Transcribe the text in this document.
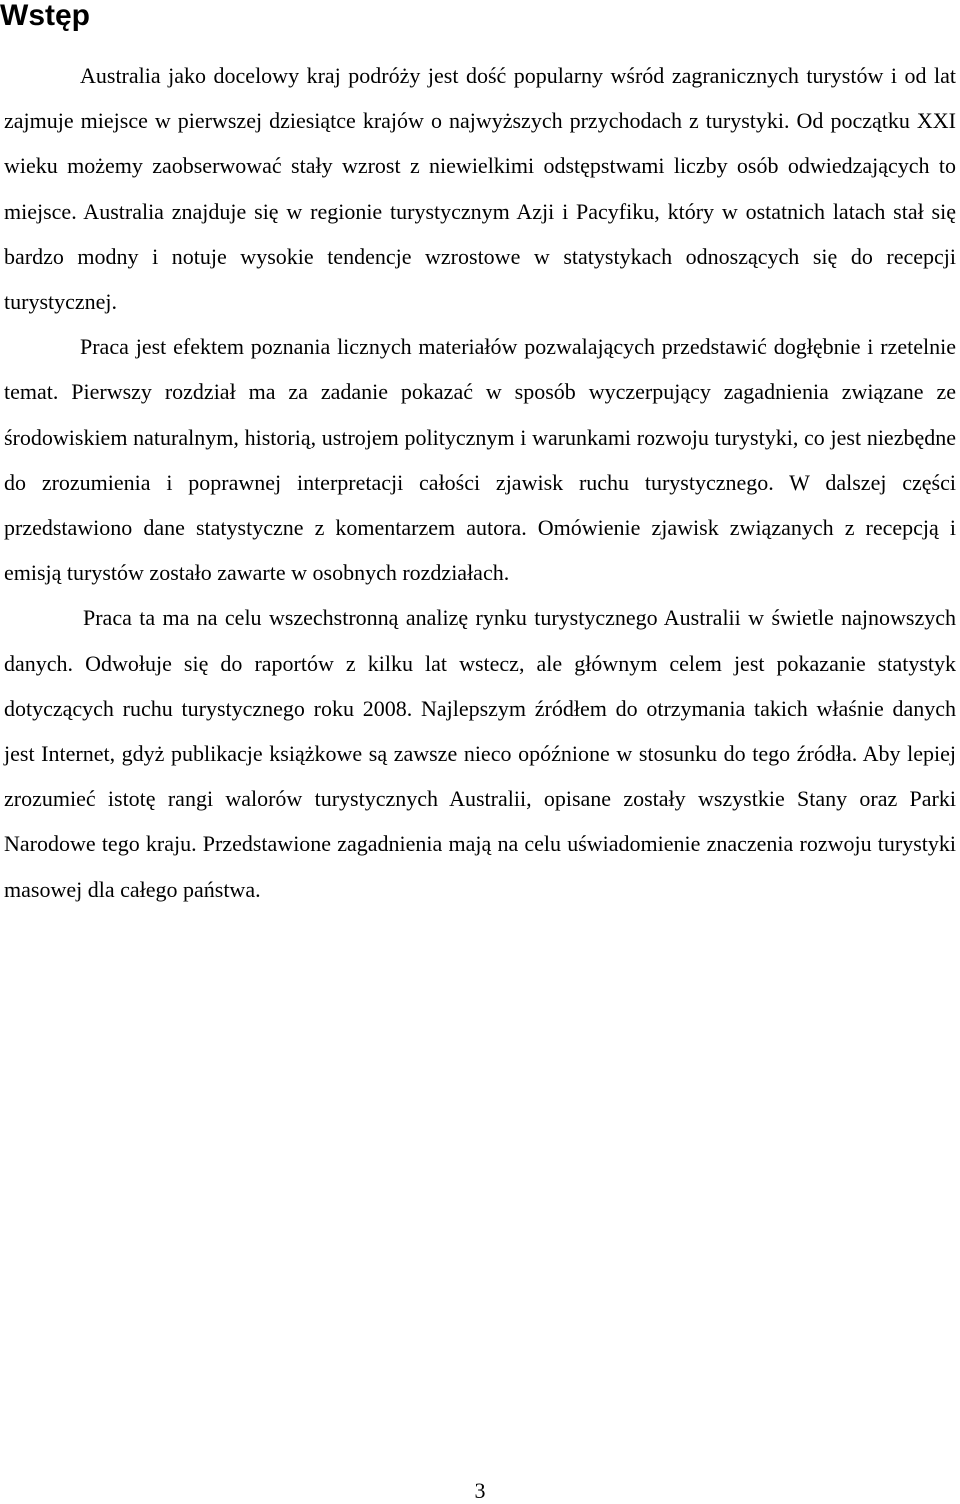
Wstęp

Australia jako docelowy kraj podróży jest dość popularny wśród zagranicznych turystów i od lat zajmuje miejsce w pierwszej dziesiątce krajów o najwyższych przychodach z turystyki. Od początku XXI wieku możemy zaobserwować stały wzrost z niewielkimi odstępstwami liczby osób odwiedzających to miejsce. Australia znajduje się w regionie turystycznym Azji i Pacyfiku, który w ostatnich latach stał się bardzo modny i notuje wysokie tendencje wzrostowe w statystykach odnoszących się do recepcji turystycznej.

Praca jest efektem poznania licznych materiałów pozwalających przedstawić dogłębnie i rzetelnie temat. Pierwszy rozdział ma za zadanie pokazać w sposób wyczerpujący zagadnienia związane ze środowiskiem naturalnym, historią, ustrojem politycznym i warunkami rozwoju turystyki, co jest niezbędne do zrozumienia i poprawnej interpretacji całości zjawisk ruchu turystycznego. W dalszej części przedstawiono dane statystyczne z komentarzem autora. Omówienie zjawisk związanych z recepcją i emisją turystów zostało zawarte w osobnych rozdziałach.

Praca ta ma na celu wszechstronną analizę rynku turystycznego Australii w świetle najnowszych danych. Odwołuje się do raportów z kilku lat wstecz, ale głównym celem jest pokazanie statystyk dotyczących ruchu turystycznego roku 2008. Najlepszym źródłem do otrzymania takich właśnie danych jest Internet, gdyż publikacje książkowe są zawsze nieco opóźnione w stosunku do tego źródła. Aby lepiej zrozumieć istotę rangi walorów turystycznych Australii, opisane zostały wszystkie Stany oraz Parki Narodowe tego kraju. Przedstawione zagadnienia mają na celu uświadomienie znaczenia rozwoju turystyki masowej dla całego państwa.

3
